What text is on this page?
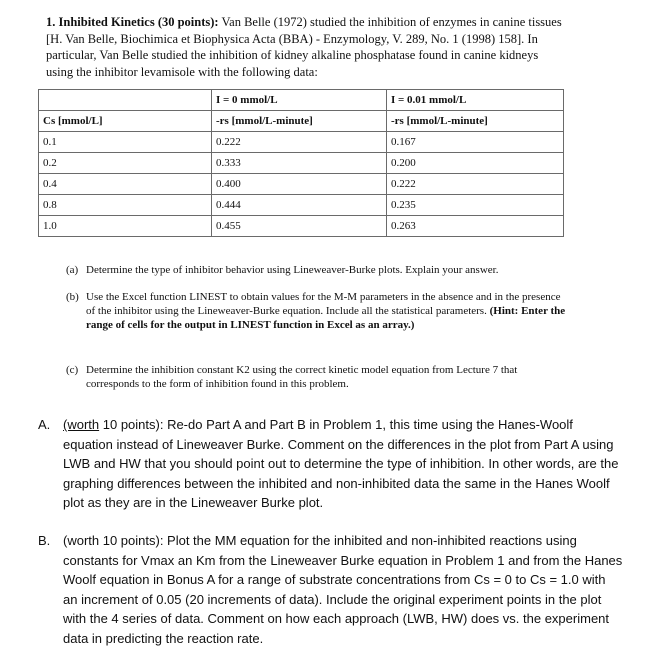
1. Inhibited Kinetics (30 points): Van Belle (1972) studied the inhibition of enzymes in canine tissues [H. Van Belle, Biochimica et Biophysica Acta (BBA) - Enzymology, V. 289, No. 1 (1998) 158]. In particular, Van Belle studied the inhibition of kidney alkaline phosphatase found in canine kidneys using the inhibitor levamisole with the following data:
	I = 0 mmol/L	I = 0.01 mmol/L
Cs [mmol/L]	-rs [mmol/L-minute]	-rs [mmol/L-minute]
0.1	0.222	0.167
0.2	0.333	0.200
0.4	0.400	0.222
0.8	0.444	0.235
1.0	0.455	0.263
(a) Determine the type of inhibitor behavior using Lineweaver-Burke plots. Explain your answer.
(b) Use the Excel function LINEST to obtain values for the M-M parameters in the absence and in the presence of the inhibitor using the Lineweaver-Burke equation. Include all the statistical parameters. (Hint: Enter the range of cells for the output in LINEST function in Excel as an array.)
(c) Determine the inhibition constant K2 using the correct kinetic model equation from Lecture 7 that corresponds to the form of inhibition found in this problem.
A. (worth 10 points): Re-do Part A and Part B in Problem 1, this time using the Hanes-Woolf equation instead of Lineweaver Burke. Comment on the differences in the plot from Part A using LWB and HW that you should point out to determine the type of inhibition. In other words, are the graphing differences between the inhibited and non-inhibited data the same in the Hanes Woolf plot as they are in the Lineweaver Burke plot.
B. (worth 10 points): Plot the MM equation for the inhibited and non-inhibited reactions using constants for Vmax an Km from the Lineweaver Burke equation in Problem 1 and from the Hanes Woolf equation in Bonus A for a range of substrate concentrations from Cs = 0 to Cs = 1.0 with an increment of 0.05 (20 increments of data). Include the original experiment points in the plot with the 4 series of data. Comment on how each approach (LWB, HW) does vs. the experiment data in predicting the reaction rate.
